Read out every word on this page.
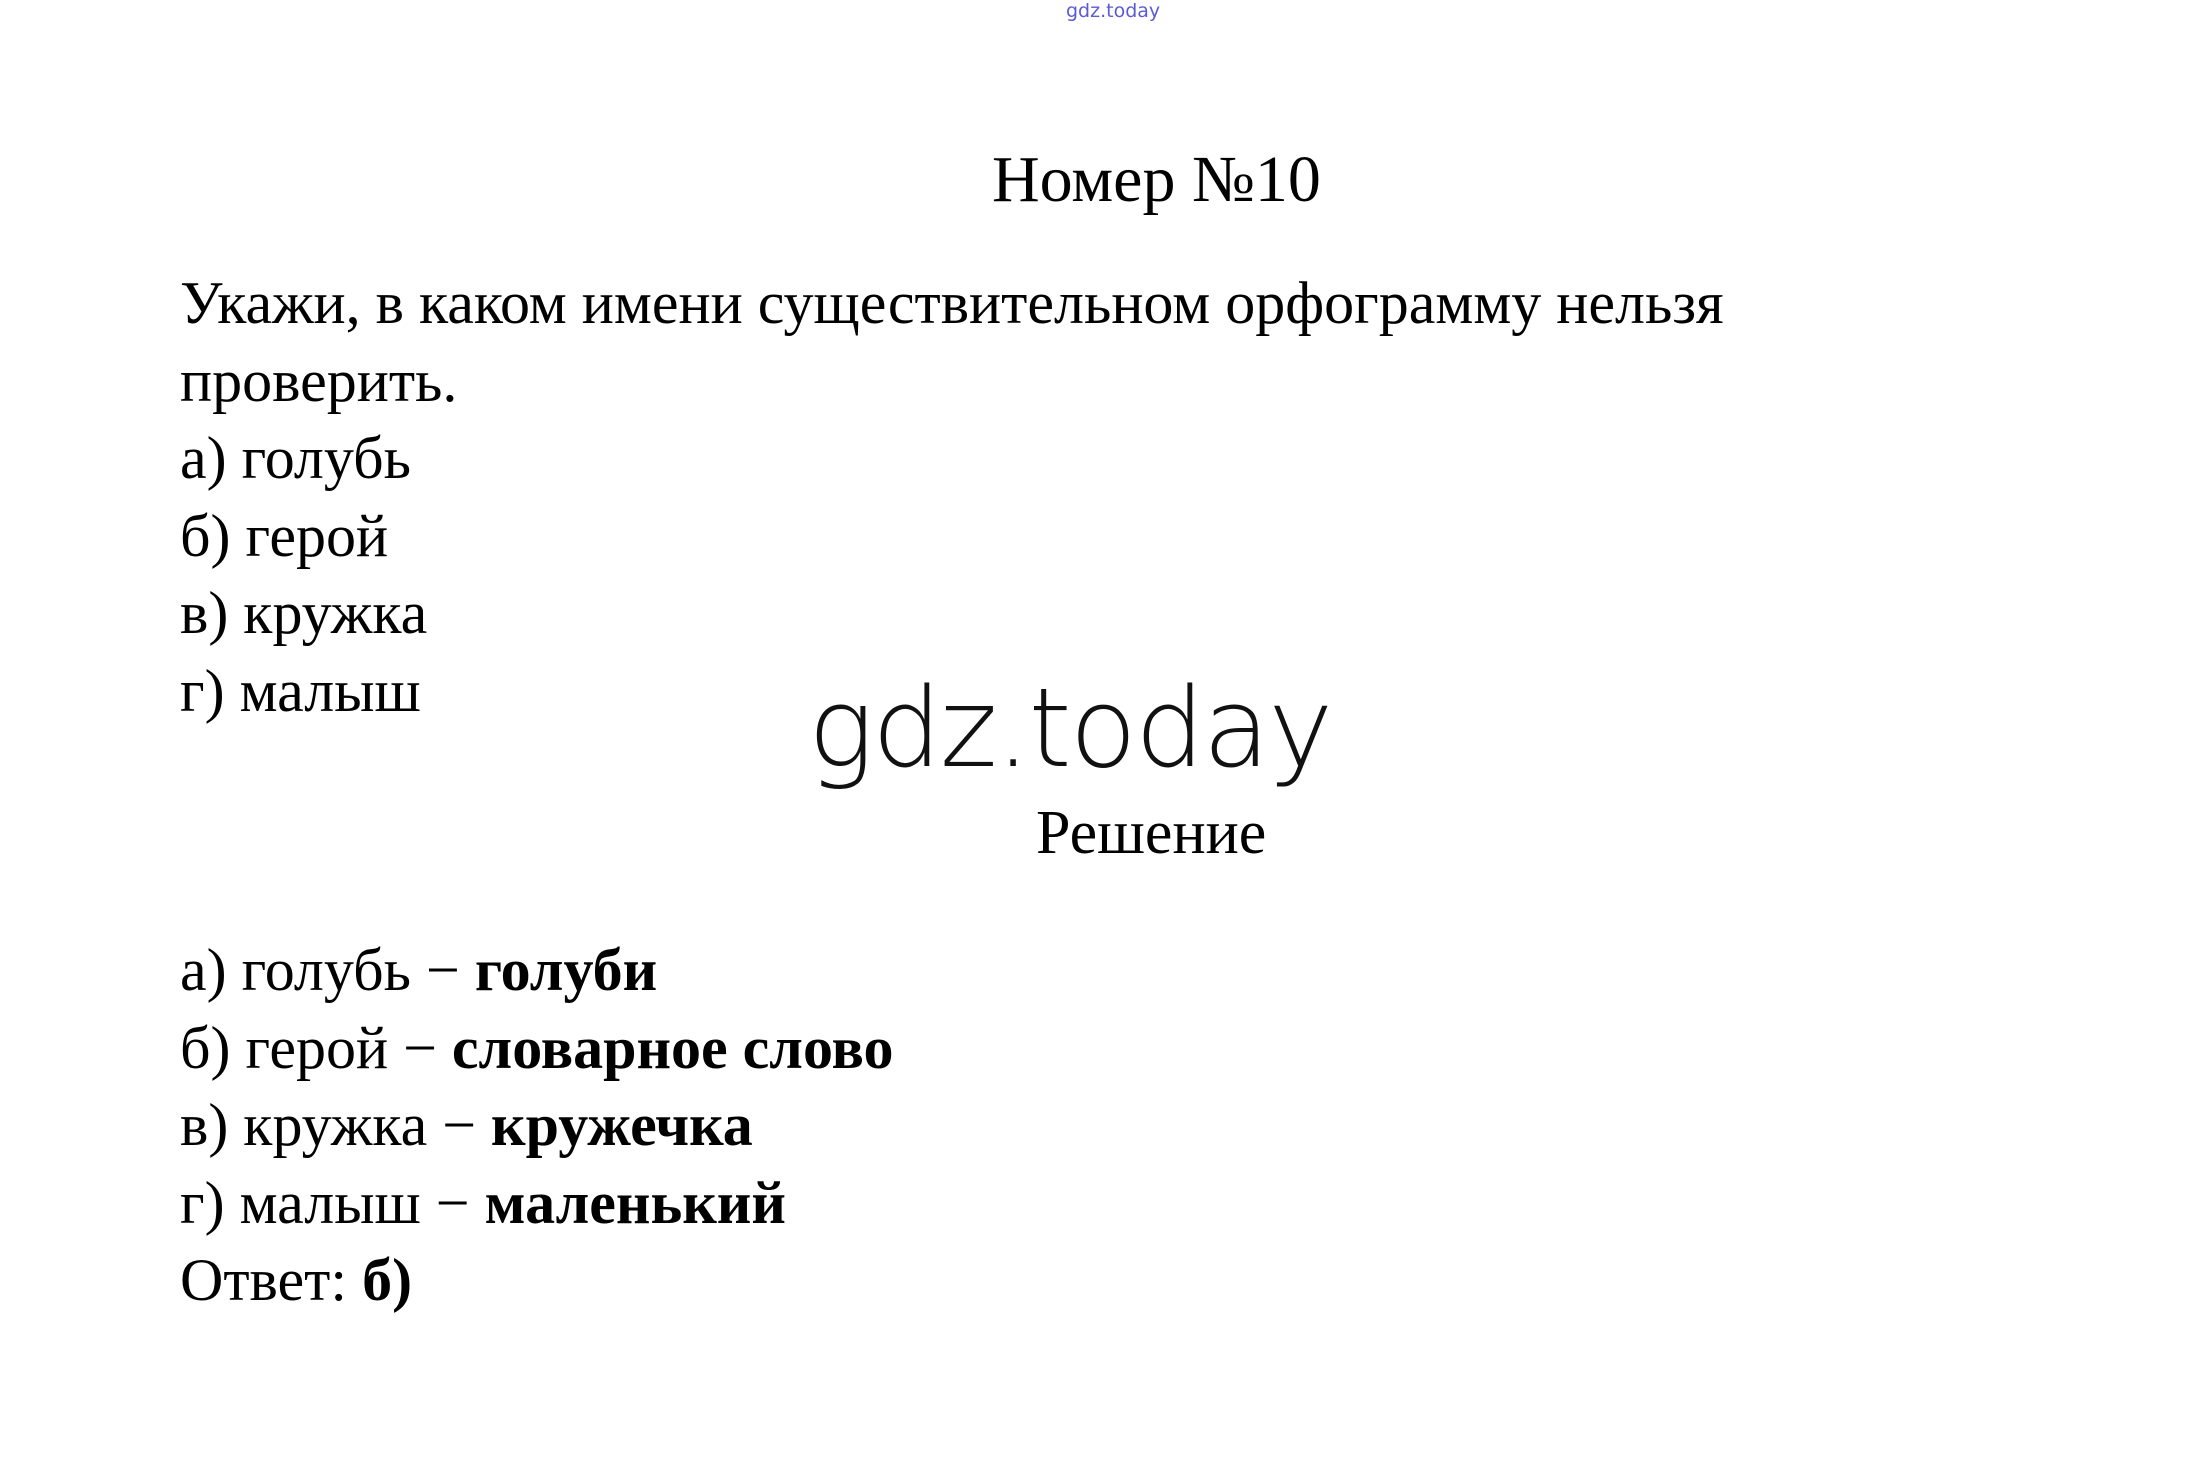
gdz.today
Номер №10
Укажи, в каком имени существительном орфограмму нельзя
проверить.
а) голубь
б) герой
в) кружка
г) малыш	gdz.today
Решение
а) голубь − голуби
б) герой − словарное слово
в) кружка − кружечка
г) малыш − маленький
Ответ: б)
